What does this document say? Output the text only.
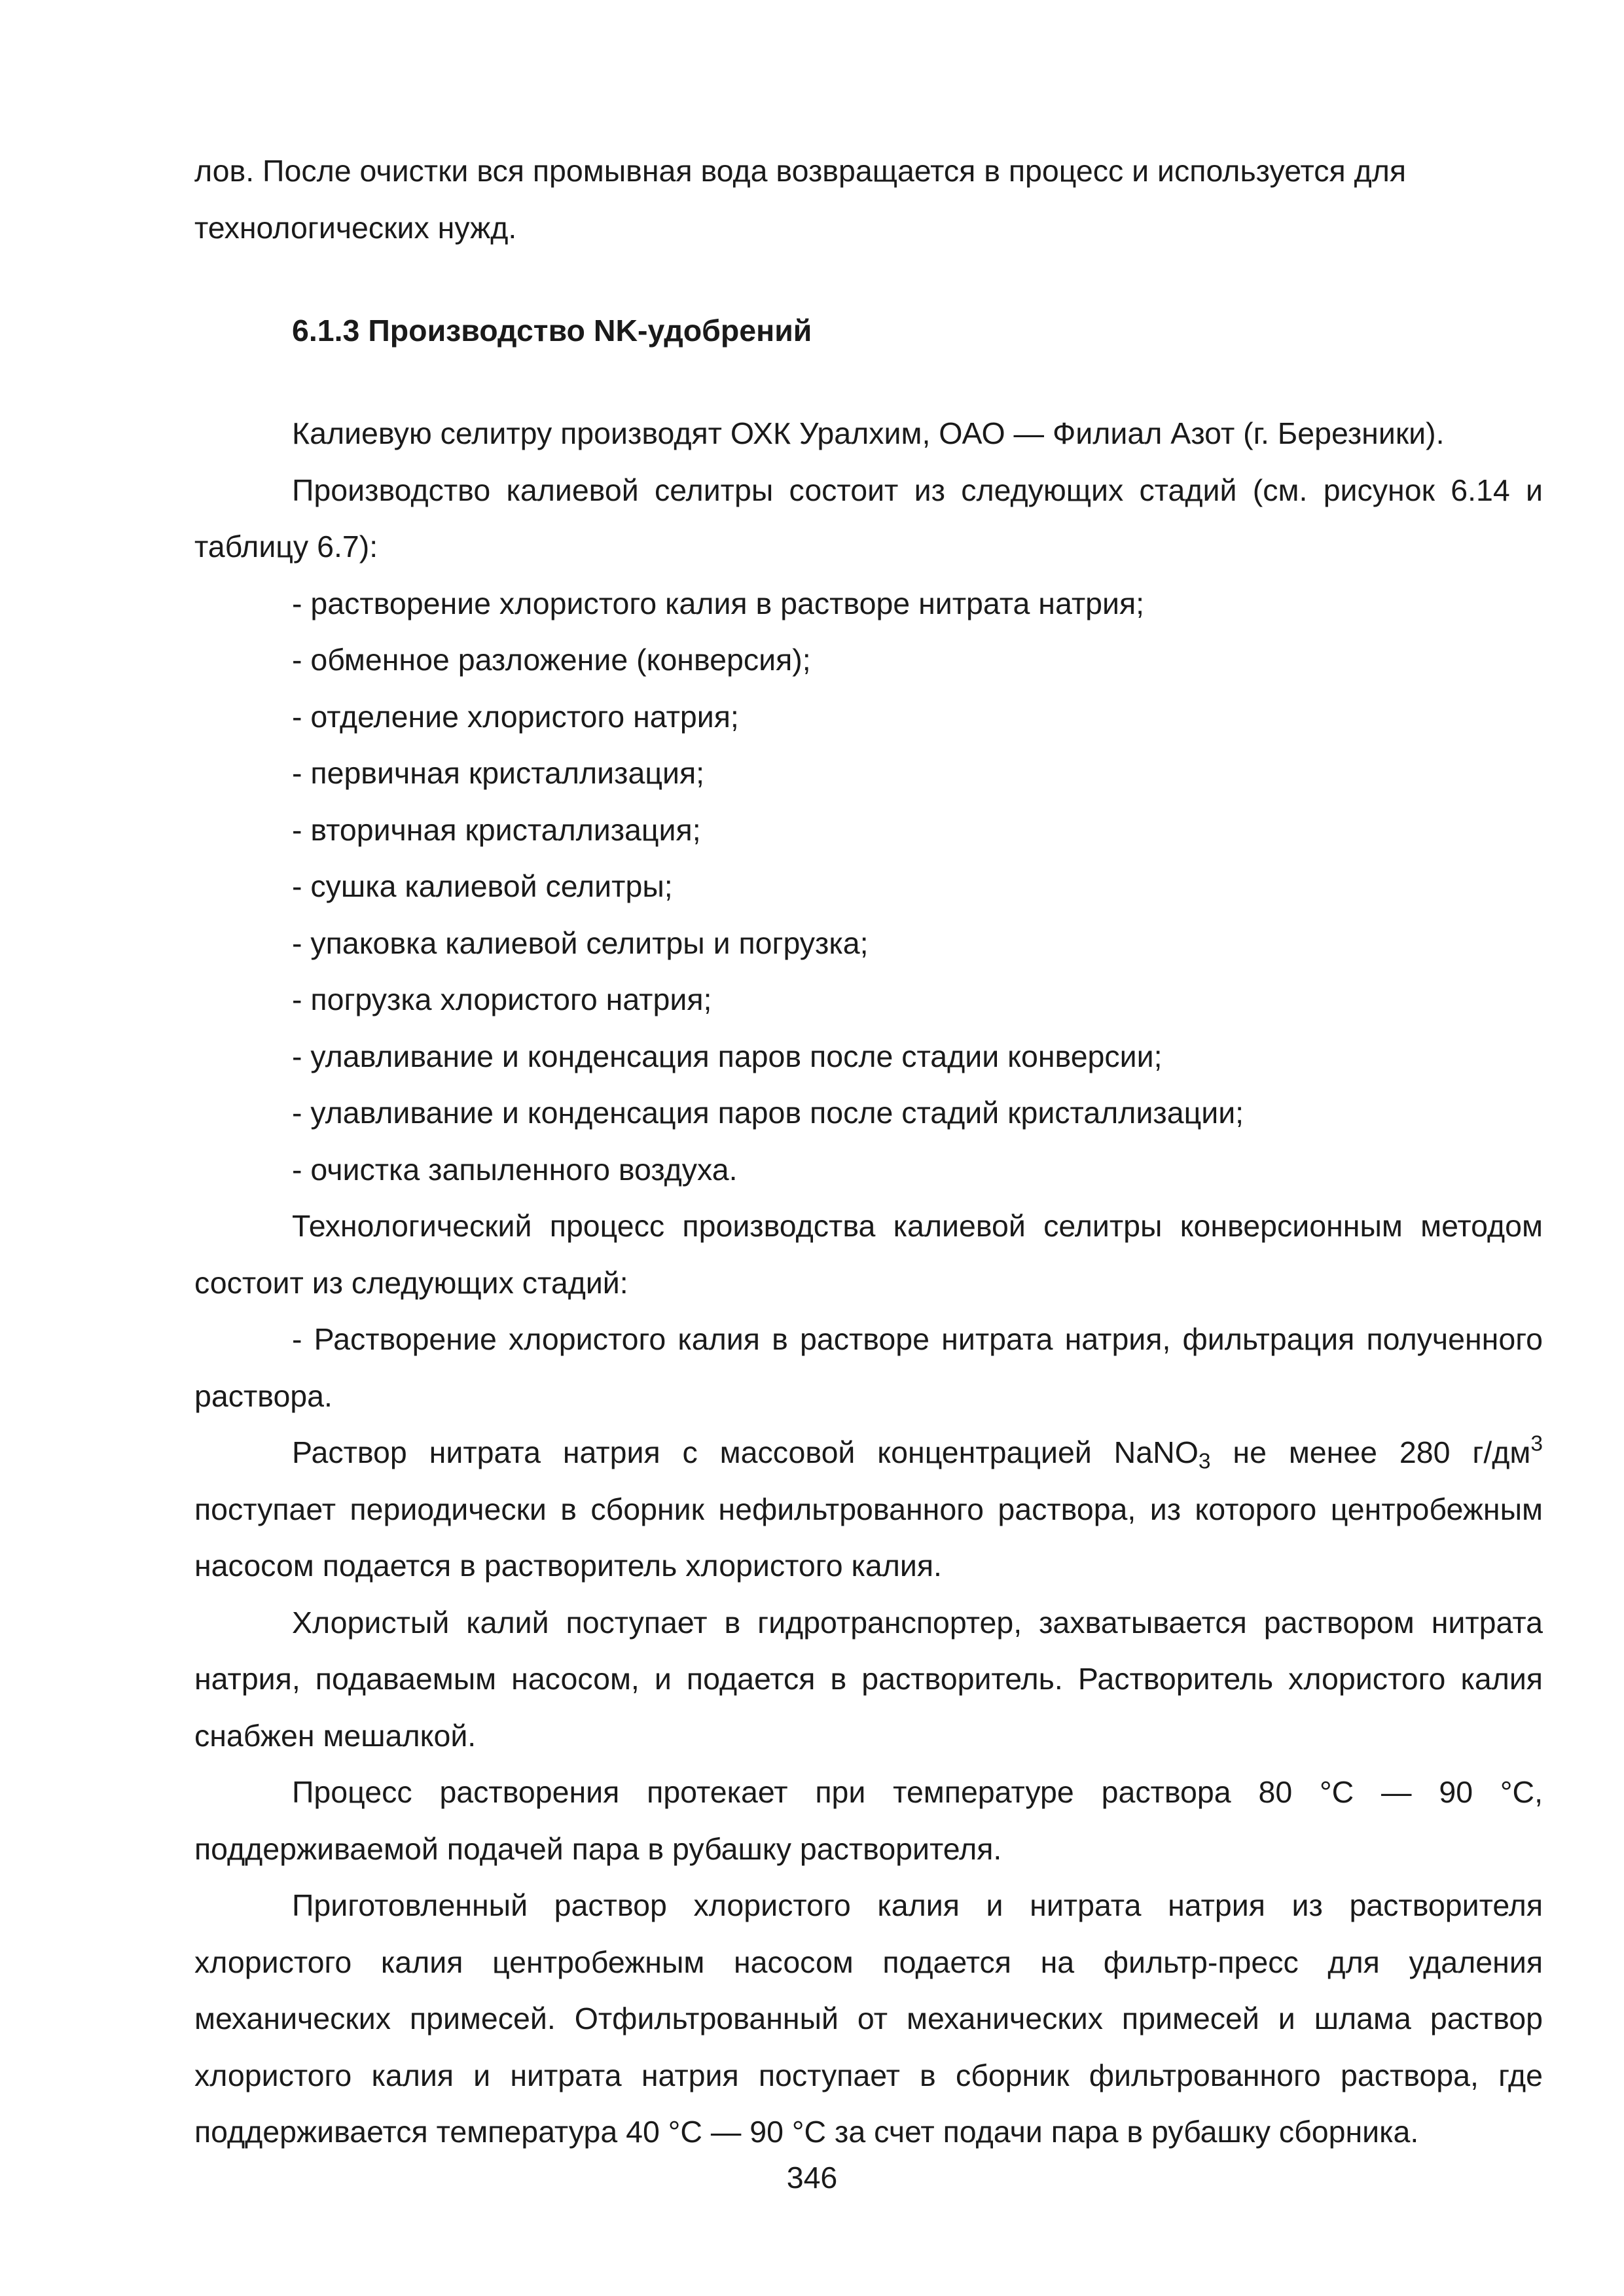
лов. После очистки вся промывная вода возвращается в процесс и используется для
технологических нужд.

6.1.3 Производство NK-удобрений

Калиевую селитру производят ОХК Уралхим, ОАО — Филиал Азот (г. Березники).

Производство калиевой селитры состоит из следующих стадий (см. рисунок 6.14 и таблицу 6.7):

- растворение хлористого калия в растворе нитрата натрия;

- обменное разложение (конверсия);

- отделение хлористого натрия;

- первичная кристаллизация;

- вторичная кристаллизация;

- сушка калиевой селитры;

- упаковка калиевой селитры и погрузка;

- погрузка хлористого натрия;

- улавливание и конденсация паров после стадии конверсии;

- улавливание и конденсация паров после стадий кристаллизации;

- очистка запыленного воздуха.

Технологический процесс производства калиевой селитры конверсионным методом состоит из следующих стадий:

- Растворение хлористого калия в растворе нитрата натрия, фильтрация полученного раствора.

Раствор нитрата натрия с массовой концентрацией NaNO$_3$ не менее 280 $г/дм^3$ поступает периодически в сборник нефильтрованного раствора, из которого центробежным насосом подается в растворитель хлористого калия.

Хлористый калий поступает в гидротранспортер, захватывается раствором нитрата натрия, подаваемым насосом, и подается в растворитель. Растворитель хлористого калия снабжен мешалкой.

Процесс растворения протекает при температуре раствора 80 °С — 90 °С, поддерживаемой подачей пара в рубашку растворителя.

Приготовленный раствор хлористого калия и нитрата натрия из растворителя хлористого калия центробежным насосом подается на фильтр-пресс для удаления механических примесей. Отфильтрованный от механических примесей и шлама раствор хлористого калия и нитрата натрия поступает в сборник фильтрованного раствора, где поддерживается температура 40 °С — 90 °С за счет подачи пара в рубашку сборника.

346
